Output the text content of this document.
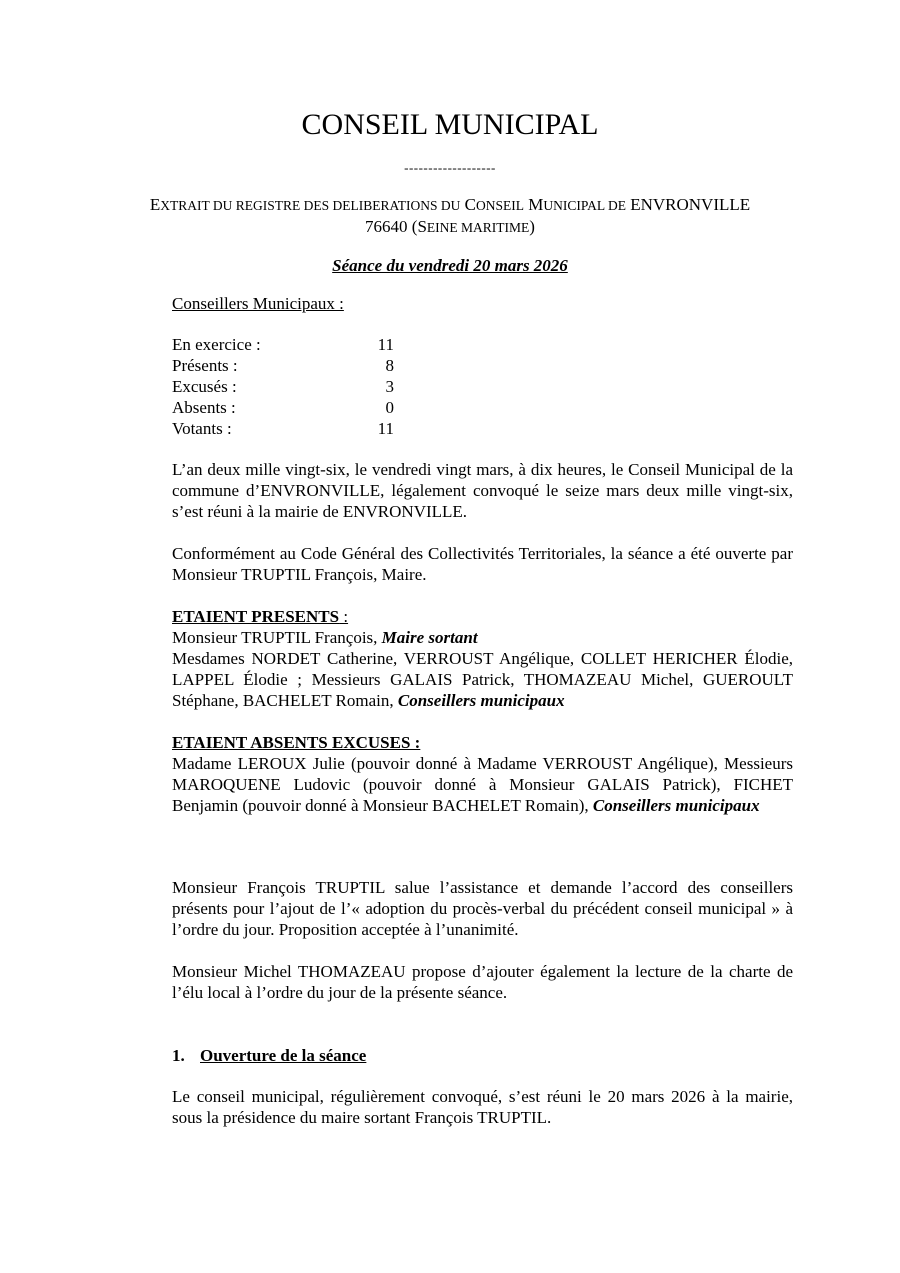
CONSEIL MUNICIPAL
-------------------
EXTRAIT DU REGISTRE DES DELIBERATIONS DU CONSEIL MUNICIPAL DE ENVRONVILLE
76640 (SEINE MARITIME)
Séance du vendredi 20 mars 2026
Conseillers Municipaux :
En exercice :	11
Présents :	8
Excusés :	3
Absents :	0
Votants :	11
L’an deux mille vingt-six, le vendredi vingt mars, à dix heures, le Conseil Municipal de la commune d’ENVRONVILLE, légalement convoqué le seize mars deux mille vingt-six, s’est réuni à la mairie de ENVRONVILLE.
Conformément au Code Général des Collectivités Territoriales, la séance a été ouverte par Monsieur TRUPTIL François, Maire.
ETAIENT PRESENTS :
Monsieur TRUPTIL François, Maire sortant
Mesdames NORDET Catherine, VERROUST Angélique, COLLET HERICHER Élodie, LAPPEL Élodie ; Messieurs GALAIS Patrick, THOMAZEAU Michel, GUEROULT Stéphane, BACHELET Romain, Conseillers municipaux
ETAIENT ABSENTS EXCUSES :
Madame LEROUX Julie (pouvoir donné à Madame VERROUST Angélique), Messieurs MAROQUENE Ludovic (pouvoir donné à Monsieur GALAIS Patrick), FICHET Benjamin (pouvoir donné à Monsieur BACHELET Romain), Conseillers municipaux
Monsieur François TRUPTIL salue l’assistance et demande l’accord des conseillers présents pour l’ajout de l’« adoption du procès-verbal du précédent conseil municipal » à l’ordre du jour. Proposition acceptée à l’unanimité.
Monsieur Michel THOMAZEAU propose d’ajouter également la lecture de la charte de l’élu local à l’ordre du jour de la présente séance.
1. Ouverture de la séance
Le conseil municipal, régulièrement convoqué, s’est réuni le 20 mars 2026 à la mairie, sous la présidence du maire sortant François TRUPTIL.
